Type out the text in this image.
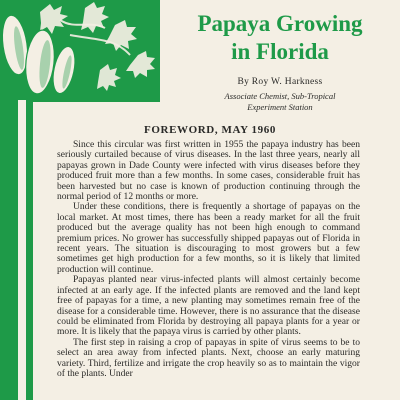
Papaya Growing
in Florida
By Roy W. Harkness
Associate Chemist, Sub-Tropical
Experiment Station
FOREWORD, MAY 1960

Since this circular was first written in 1955 the papaya industry has been seriously curtailed because of virus diseases. In the last three years, nearly all papayas grown in Dade County were infected with virus diseases before they produced fruit more than a few months. In some cases, considerable fruit has been harvested but no case is known of production continuing through the normal period of 12 months or more.

Under these conditions, there is frequently a shortage of papayas on the local market. At most times, there has been a ready market for all the fruit produced but the average quality has not been high enough to command premium prices. No grower has successfully shipped papayas out of Florida in recent years. The situation is discouraging to most growers but a few sometimes get high production for a few months, so it is likely that limited production will continue.

Papayas planted near virus-infected plants will almost certainly become infected at an early age. If the infected plants are removed and the land kept free of papayas for a time, a new planting may sometimes remain free of the disease for a considerable time. However, there is no assurance that the disease could be eliminated from Florida by destroying all papaya plants for a year or more. It is likely that the papaya virus is carried by other plants.

The first step in raising a crop of papayas in spite of virus seems to be to select an area away from infected plants. Next, choose an early maturing variety. Third, fertilize and irrigate the crop heavily so as to maintain the vigor of the plants. Under
